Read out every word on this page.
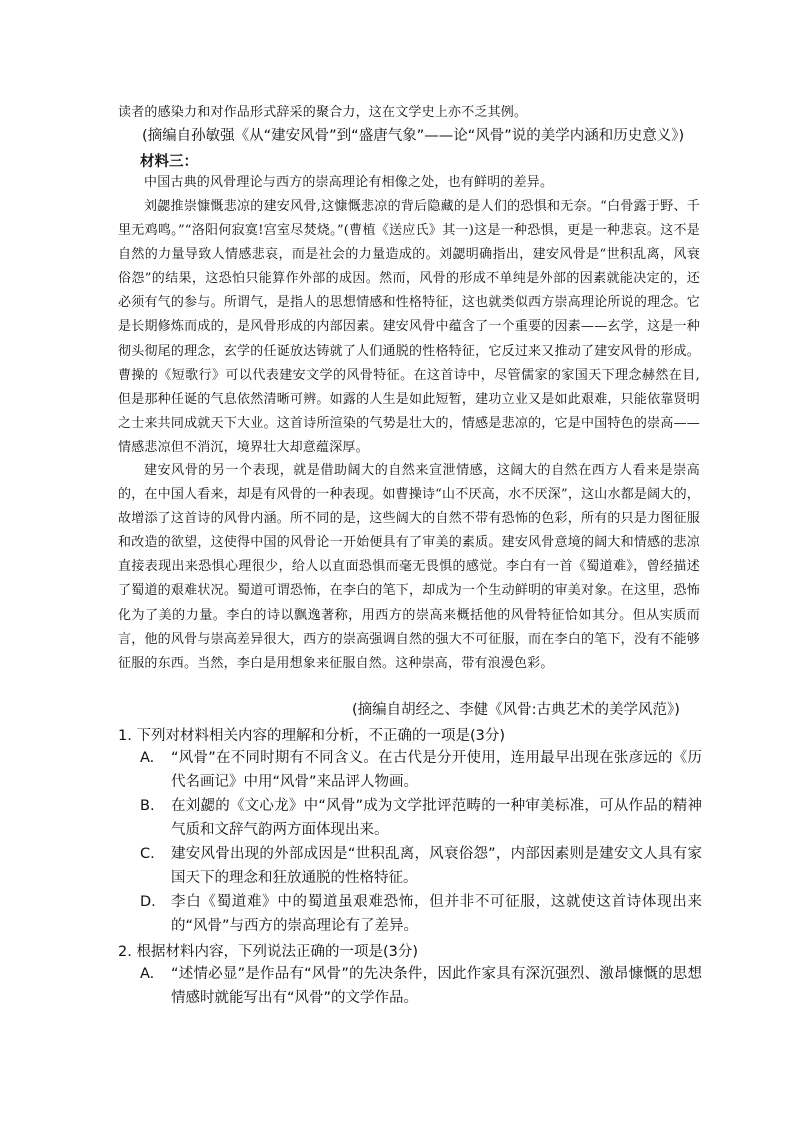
读者的感染力和对作品形式辞采的聚合力，这在文学史上亦不乏其例。

(摘编自孙敏强《从“建安风骨”到“盛唐气象”——论“风骨”说的美学内涵和历史意义》)
材料三：

中国古典的风骨理论与西方的崇高理论有相像之处，也有鲜明的差异。

刘勰推崇慷慨悲凉的建安风骨,这慷慨悲凉的背后隐藏的是人们的恐惧和无奈。“白骨露于野、千里无鸡鸣。”“洛阳何寂寞!宫室尽焚烧。”(曹植《送应氏》其一)这是一种恐惧，更是一种悲哀。这不是自然的力量导致人情感悲哀，而是社会的力量造成的。刘勰明确指出，建安风骨是“世积乱离，风衰俗怨”的结果，这恐怕只能算作外部的成因。然而，风骨的形成不单纯是外部的因素就能决定的，还必须有气的参与。所谓气，是指人的思想情感和性格特征，这也就类似西方崇高理论所说的理念。它是长期修炼而成的，是风骨形成的内部因素。建安风骨中蕴含了一个重要的因素——玄学，这是一种彻头彻尾的理念，玄学的任诞放达铸就了人们通脱的性格特征，它反过来又推动了建安风骨的形成。曹操的《短歌行》可以代表建安文学的风骨特征。在这首诗中，尽管儒家的家国天下理念赫然在目,但是那种任诞的气息依然清晰可辨。如露的人生是如此短暂，建功立业又是如此艰难，只能依靠贤明之士来共同成就天下大业。这首诗所渲染的气势是壮大的，情感是悲凉的，它是中国特色的崇高——情感悲凉但不消沉，境界壮大却意蕴深厚。

建安风骨的另一个表现，就是借助阔大的自然来宣泄情感，这阔大的自然在西方人看来是崇高的，在中国人看来，却是有风骨的一种表现。如曹操诗“山不厌高，水不厌深”，这山水都是阔大的，故增添了这首诗的风骨内涵。所不同的是，这些阔大的自然不带有恐怖的色彩，所有的只是力图征服和改造的欲望，这使得中国的风骨论一开始便具有了审美的素质。建安风骨意境的阔大和情感的悲凉直接表现出来恐惧心理很少，给人以直面恐惧而毫无畏惧的感觉。李白有一首《蜀道难》，曾经描述了蜀道的艰难状况。蜀道可谓恐怖，在李白的笔下，却成为一个生动鲜明的审美对象。在这里，恐怖化为了美的力量。李白的诗以飘逸著称，用西方的崇高来概括他的风骨特征恰如其分。但从实质而言，他的风骨与崇高差异很大，西方的崇高强调自然的强大不可征服，而在李白的笔下，没有不能够征服的东西。当然，李白是用想象来征服自然。这种崇高，带有浪漫色彩。

(摘编自胡经之、李健《风骨:古典艺术的美学风范》)
1. 下列对材料相关内容的理解和分析，不正确的一项是(3分)
A.	“风骨”在不同时期有不同含义。在古代是分开使用，连用最早出现在张彦远的《历代名画记》中用“风骨”来品评人物画。
B.	在刘勰的《文心龙》中“风骨”成为文学批评范畴的一种审美标准，可从作品的精神气质和文辞气韵两方面体现出来。
C.	建安风骨出现的外部成因是“世积乱离，风衰俗怨”，内部因素则是建安文人具有家国天下的理念和狂放通脱的性格特征。
D.	李白《蜀道难》中的蜀道虽艰难恐怖，但并非不可征服，这就使这首诗体现出来的“风骨”与西方的崇高理论有了差异。
2. 根据材料内容，下列说法正确的一项是(3分)
A.	“述情必显”是作品有“风骨”的先决条件，因此作家具有深沉强烈、激昂慷慨的思想情感时就能写出有“风骨”的文学作品。
